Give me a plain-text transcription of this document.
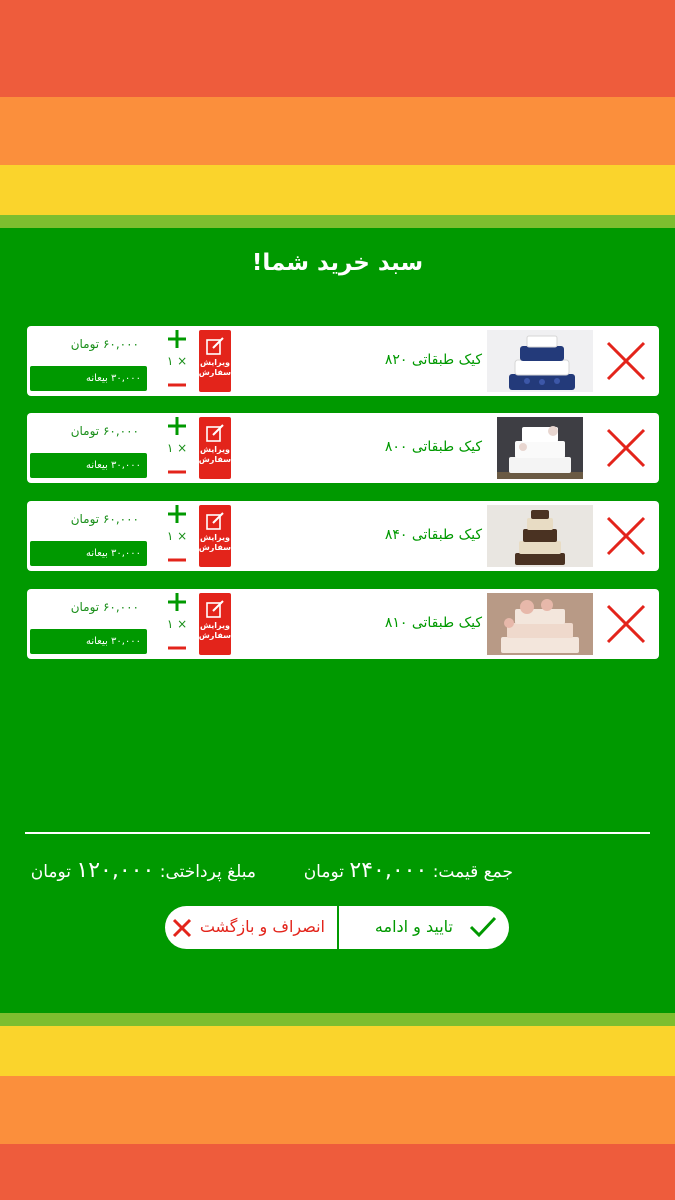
سبد خرید شما!
کیک طبقاتی ۸۲۰
ویرایش
سفارش
۱ ×
۶۰,۰۰۰ تومان
۳۰,۰۰۰ بیعانه
کیک طبقاتی ۸۰۰
ویرایش
سفارش
۱ ×
۶۰,۰۰۰ تومان
۳۰,۰۰۰ بیعانه
کیک طبقاتی ۸۴۰
ویرایش
سفارش
۱ ×
۶۰,۰۰۰ تومان
۳۰,۰۰۰ بیعانه
کیک طبقاتی ۸۱۰
ویرایش
سفارش
۱ ×
۶۰,۰۰۰ تومان
۳۰,۰۰۰ بیعانه
جمع قیمت: ۲۴۰,۰۰۰ تومان
مبلغ پرداختی: ۱۲۰,۰۰۰ تومان
تایید و ادامه
انصراف و بازگشت
